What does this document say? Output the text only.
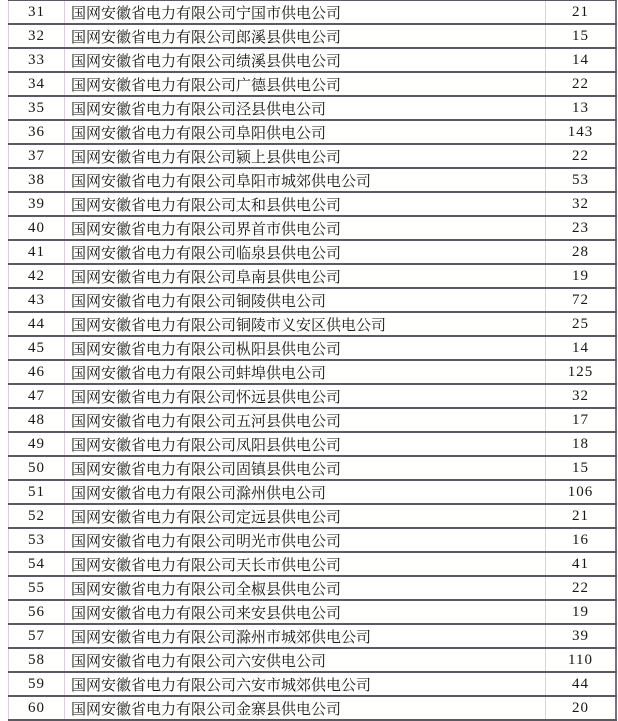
31	国网安徽省电力有限公司宁国市供电公司	21
32	国网安徽省电力有限公司郎溪县供电公司	15
33	国网安徽省电力有限公司绩溪县供电公司	14
34	国网安徽省电力有限公司广德县供电公司	22
35	国网安徽省电力有限公司泾县供电公司	13
36	国网安徽省电力有限公司阜阳供电公司	143
37	国网安徽省电力有限公司颍上县供电公司	22
38	国网安徽省电力有限公司阜阳市城郊供电公司	53
39	国网安徽省电力有限公司太和县供电公司	32
40	国网安徽省电力有限公司界首市供电公司	23
41	国网安徽省电力有限公司临泉县供电公司	28
42	国网安徽省电力有限公司阜南县供电公司	19
43	国网安徽省电力有限公司铜陵供电公司	72
44	国网安徽省电力有限公司铜陵市义安区供电公司	25
45	国网安徽省电力有限公司枞阳县供电公司	14
46	国网安徽省电力有限公司蚌埠供电公司	125
47	国网安徽省电力有限公司怀远县供电公司	32
48	国网安徽省电力有限公司五河县供电公司	17
49	国网安徽省电力有限公司凤阳县供电公司	18
50	国网安徽省电力有限公司固镇县供电公司	15
51	国网安徽省电力有限公司滁州供电公司	106
52	国网安徽省电力有限公司定远县供电公司	21
53	国网安徽省电力有限公司明光市供电公司	16
54	国网安徽省电力有限公司天长市供电公司	41
55	国网安徽省电力有限公司全椒县供电公司	22
56	国网安徽省电力有限公司来安县供电公司	19
57	国网安徽省电力有限公司滁州市城郊供电公司	39
58	国网安徽省电力有限公司六安供电公司	110
59	国网安徽省电力有限公司六安市城郊供电公司	44
60	国网安徽省电力有限公司金寨县供电公司	20
